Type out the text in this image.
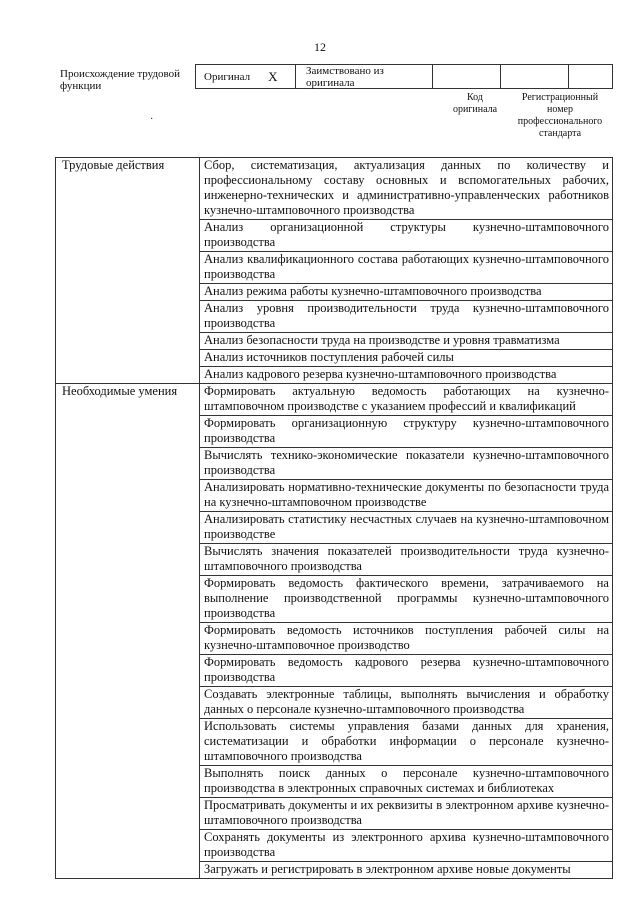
12
Происхождение трудовой функции
Оригинал X	Заимствовано из оригинала
Код оригинала
Регистрационный номер профессионального стандарта
·
Трудовые действия	Сбор, систематизация, актуализация данных по количеству и профессиональному составу основных и вспомогательных рабочих, инженерно-технических и административно-управленческих работников кузнечно-штамповочного производства
	Анализ организационной структуры кузнечно-штамповочного производства
	Анализ квалификационного состава работающих кузнечно-штамповочного производства
	Анализ режима работы кузнечно-штамповочного производства
	Анализ уровня производительности труда кузнечно-штамповочного производства
	Анализ безопасности труда на производстве и уровня травматизма
	Анализ источников поступления рабочей силы
	Анализ кадрового резерва кузнечно-штамповочного производства
Необходимые умения	Формировать актуальную ведомость работающих на кузнечно-штамповочном производстве с указанием профессий и квалификаций
	Формировать организационную структуру кузнечно-штамповочного производства
	Вычислять технико-экономические показатели кузнечно-штамповочного производства
	Анализировать нормативно-технические документы по безопасности труда на кузнечно-штамповочном производстве
	Анализировать статистику несчастных случаев на кузнечно-штамповочном производстве
	Вычислять значения показателей производительности труда кузнечно-штамповочного производства
	Формировать ведомость фактического времени, затрачиваемого на выполнение производственной программы кузнечно-штамповочного производства
	Формировать ведомость источников поступления рабочей силы на кузнечно-штамповочное производство
	Формировать ведомость кадрового резерва кузнечно-штамповочного производства
	Создавать электронные таблицы, выполнять вычисления и обработку данных о персонале кузнечно-штамповочного производства
	Использовать системы управления базами данных для хранения, систематизации и обработки информации о персонале кузнечно-штамповочного производства
	Выполнять поиск данных о персонале кузнечно-штамповочного производства в электронных справочных системах и библиотеках
	Просматривать документы и их реквизиты в электронном архиве кузнечно-штамповочного производства
	Сохранять документы из электронного архива кузнечно-штамповочного производства
	Загружать и регистрировать в электронном архиве новые документы
